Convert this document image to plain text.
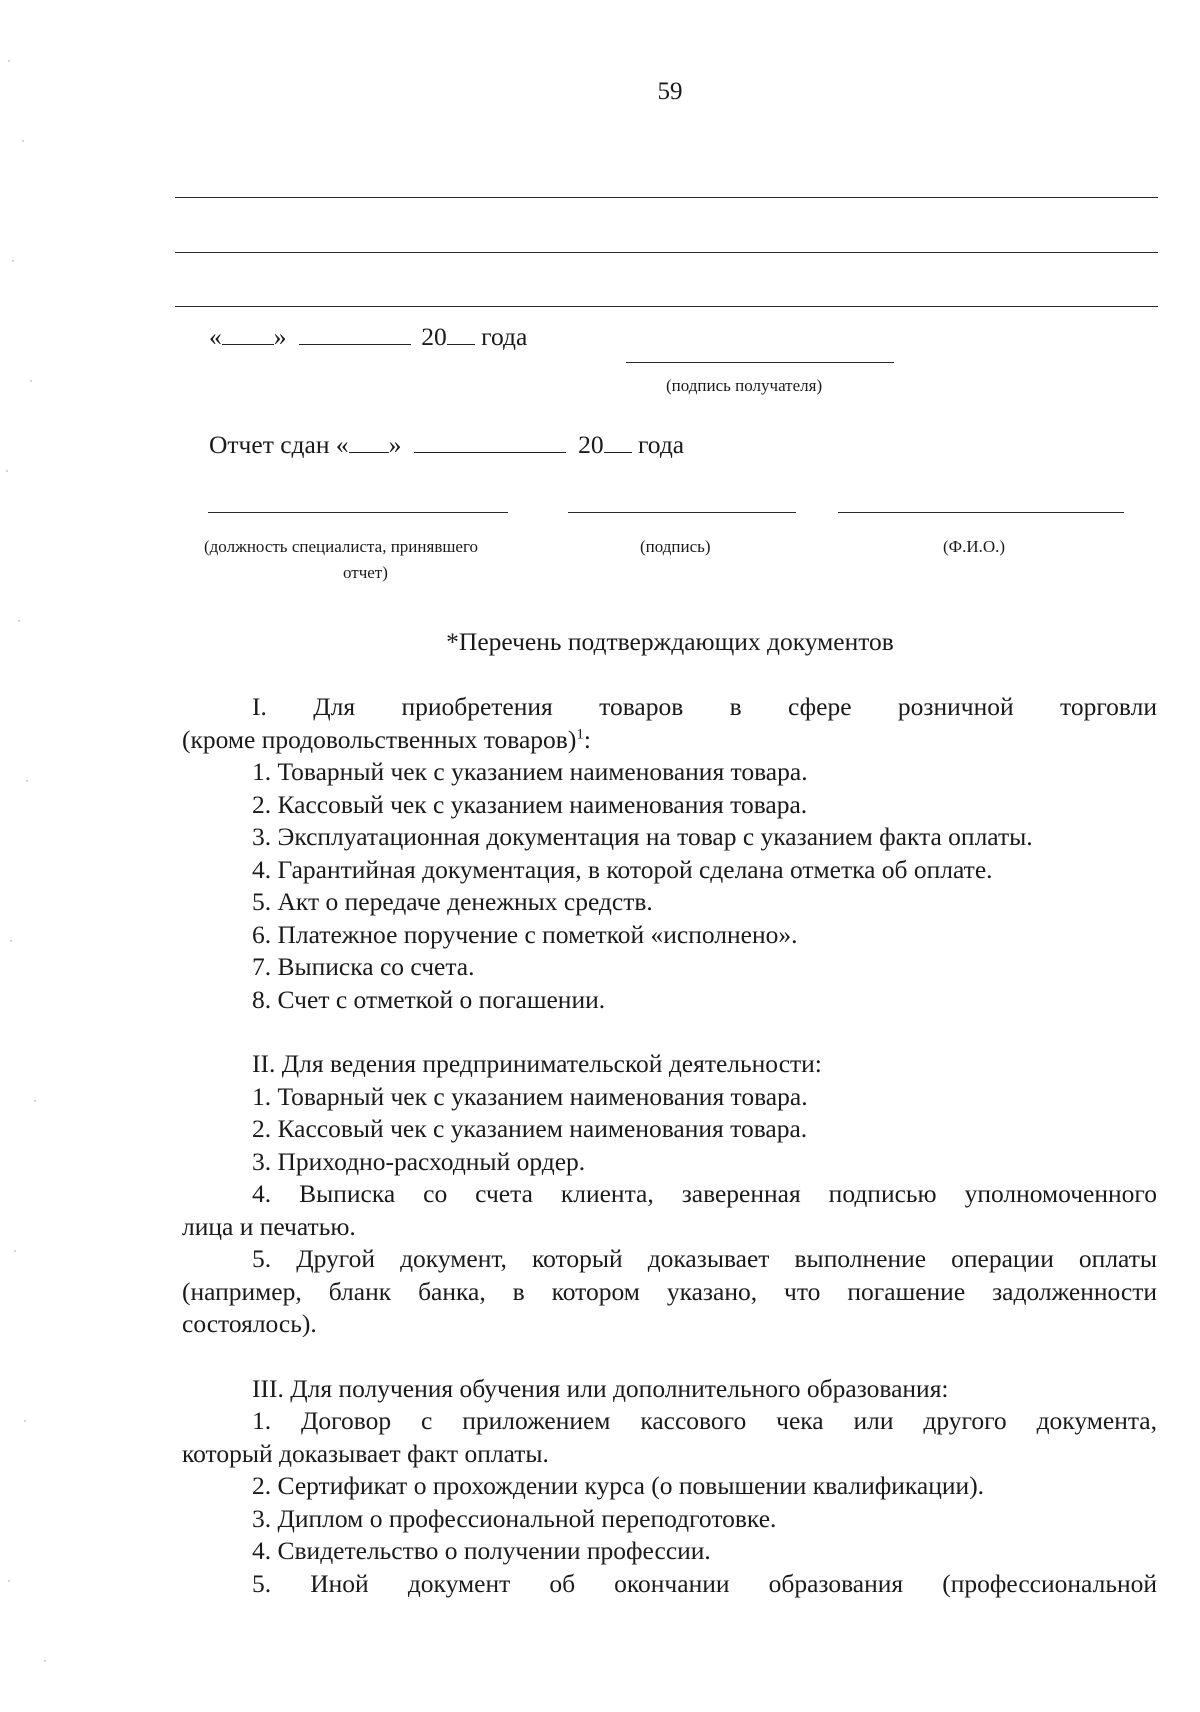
59
« »	20 года
(подпись получателя)
Отчет сдан « »	20 года
(должность специалиста, принявшего
отчет)
(подпись)	(Ф.И.О.)
*Перечень подтверждающих документов

I. Для приобретения товаров в сфере розничной торговли

(кроме продовольственных товаров)$^1$:

1. Товарный чек с указанием наименования товара.

2. Кассовый чек с указанием наименования товара.

3. Эксплуатационная документация на товар с указанием факта оплаты.

4. Гарантийная документация, в которой сделана отметка об оплате.

5. Акт о передаче денежных средств.

6. Платежное поручение с пометкой «исполнено».

7. Выписка со счета.

8. Счет с отметкой о погашении.

II. Для ведения предпринимательской деятельности:

1. Товарный чек с указанием наименования товара.

2. Кассовый чек с указанием наименования товара.

3. Приходно-расходный ордер.

4. Выписка со счета клиента, заверенная подписью уполномоченного

лица и печатью.

5. Другой документ, который доказывает выполнение операции оплаты

(например, бланк банка, в котором указано, что погашение задолженности

состоялось).

III. Для получения обучения или дополнительного образования:

1. Договор с приложением кассового чека или другого документа,

который доказывает факт оплаты.

2. Сертификат о прохождении курса (о повышении квалификации).

3. Диплом о профессиональной переподготовке.

4. Свидетельство о получении профессии.

5. Иной документ об окончании образования (профессиональной
